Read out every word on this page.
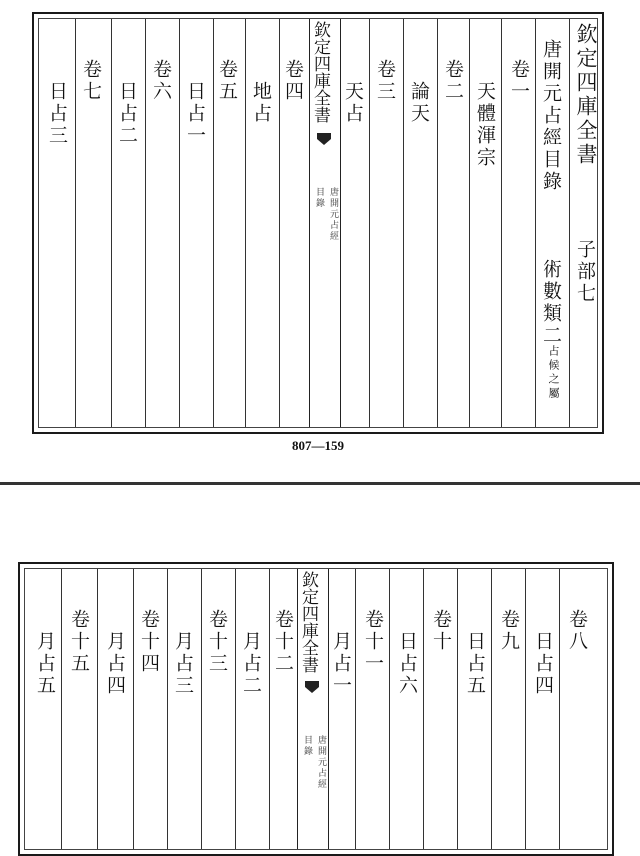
欽定四庫全書
唐開元占經
目錄
欽定四庫全書
子部七
唐開元占經目錄
術數類二
占候之屬
卷一
天體渾宗
卷二
論天
卷三
天占
卷四
地占
卷五
日占一
卷六
日占二
卷七
日占三
807—159
欽定四庫全書
唐開元占經
目錄
卷八
日占四
卷九
日占五
卷十
日占六
卷十一
月占一
卷十二
月占二
卷十三
月占三
卷十四
月占四
卷十五
月占五
